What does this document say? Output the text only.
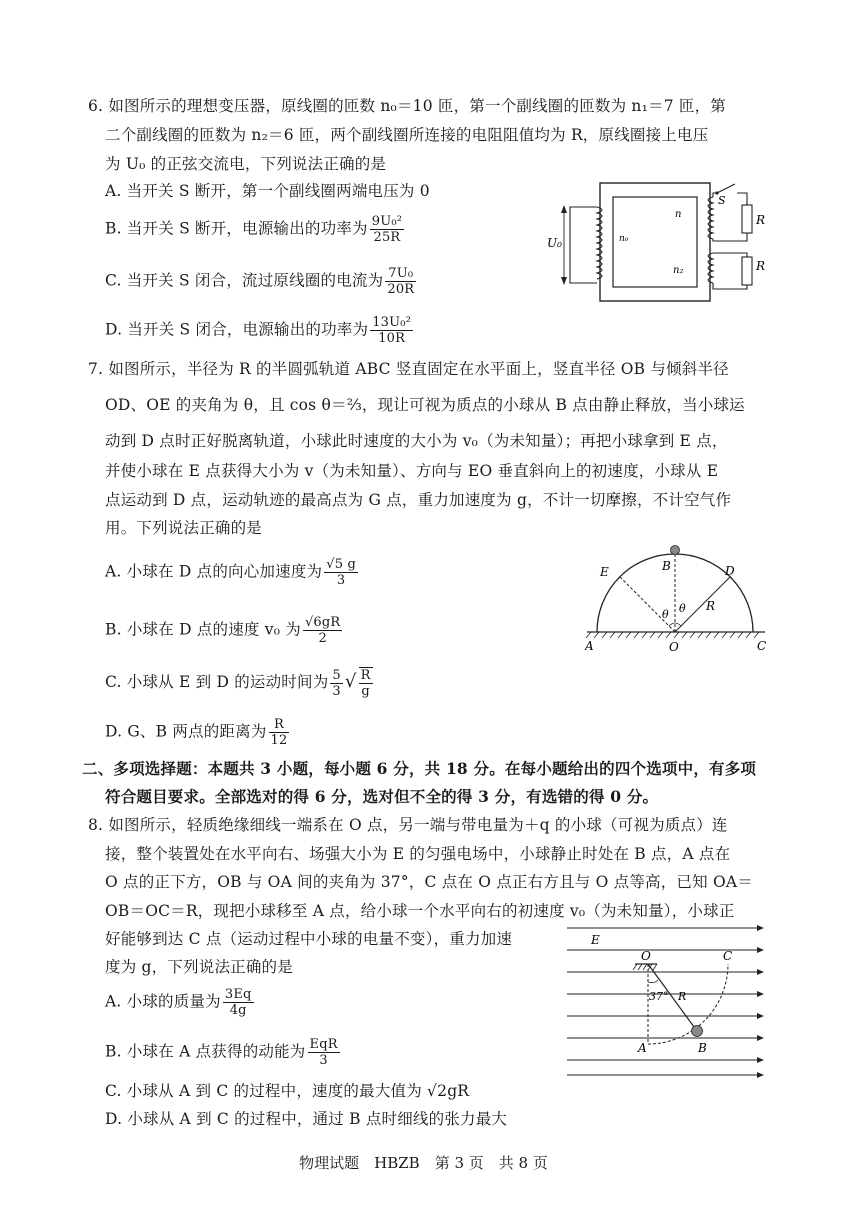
6. 如图所示的理想变压器，原线圈的匝数 n₀＝10 匝，第一个副线圈的匝数为 n₁＝7 匝，第
二个副线圈的匝数为 n₂＝6 匝，两个副线圈所连接的电阻阻值均为 R，原线圈接上电压
为 U₀ 的正弦交流电，下列说法正确的是
A. 当开关 S 断开，第一个副线圈两端电压为 0
B. 当开关 S 断开，电源输出的功率为 $\frac{\text{9U₀²}}{25R}$
C. 当开关 S 闭合，流过原线圈的电流为 $\frac{\text{7U₀}}{20R}$
D. 当开关 S 闭合，电源输出的功率为 $\frac{\text{13U₀²}}{10R}$
U₀	n₀
n
n₂
S
R
R
7. 如图所示，半径为 R 的半圆弧轨道 ABC 竖直固定在水平面上，竖直半径 OB 与倾斜半径
OD、OE 的夹角为 θ，且 cos θ＝⅔，现让可视为质点的小球从 B 点由静止释放，当小球运
动到 D 点时正好脱离轨道，小球此时速度的大小为 v₀（为未知量）；再把小球拿到 E 点，
并使小球在 E 点获得大小为 v（为未知量）、方向与 EO 垂直斜向上的初速度，小球从 E
点运动到 D 点，运动轨迹的最高点为 G 点，重力加速度为 g，不计一切摩擦，不计空气作
用。下列说法正确的是
A. 小球在 D 点的向心加速度为 $\frac{√5 g}{3}$
B. 小球在 D 点的速度 v₀ 为 $\frac{√6gR}{2}$
C. 小球从 E 到 D 的运动时间为 $\frac{5}{3}$ √ $\frac{R}{g}$
D. G、B 两点的距离为 $\frac{R}{12}$
A	O	C
E	D
B
R
θ θ
二、多项选择题：本题共 3 小题，每小题 6 分，共 18 分。在每小题给出的四个选项中，有多项
符合题目要求。全部选对的得 6 分，选对但不全的得 3 分，有选错的得 0 分。
8. 如图所示，轻质绝缘细线一端系在 O 点，另一端与带电量为＋q 的小球（可视为质点）连
接，整个装置处在水平向右、场强大小为 E 的匀强电场中，小球静止时处在 B 点，A 点在
O 点的正下方，OB 与 OA 间的夹角为 37°，C 点在 O 点正右方且与 O 点等高，已知 OA＝
OB＝OC＝R，现把小球移至 A 点，给小球一个水平向右的初速度 v₀（为未知量），小球正
好能够到达 C 点（运动过程中小球的电量不变），重力加速
度为 g，下列说法正确的是
A. 小球的质量为 $\frac{3Eq}{4g}$
B. 小球在 A 点获得的动能为 $\frac{\text{EqR}}{3}$
C. 小球从 A 到 C 的过程中，速度的最大值为 √2gR
D. 小球从 A 到 C 的过程中，通过 B 点时细线的张力最大
E
O	C
37° R
A	B
物理试题　HBZB　第 3 页　共 8 页
